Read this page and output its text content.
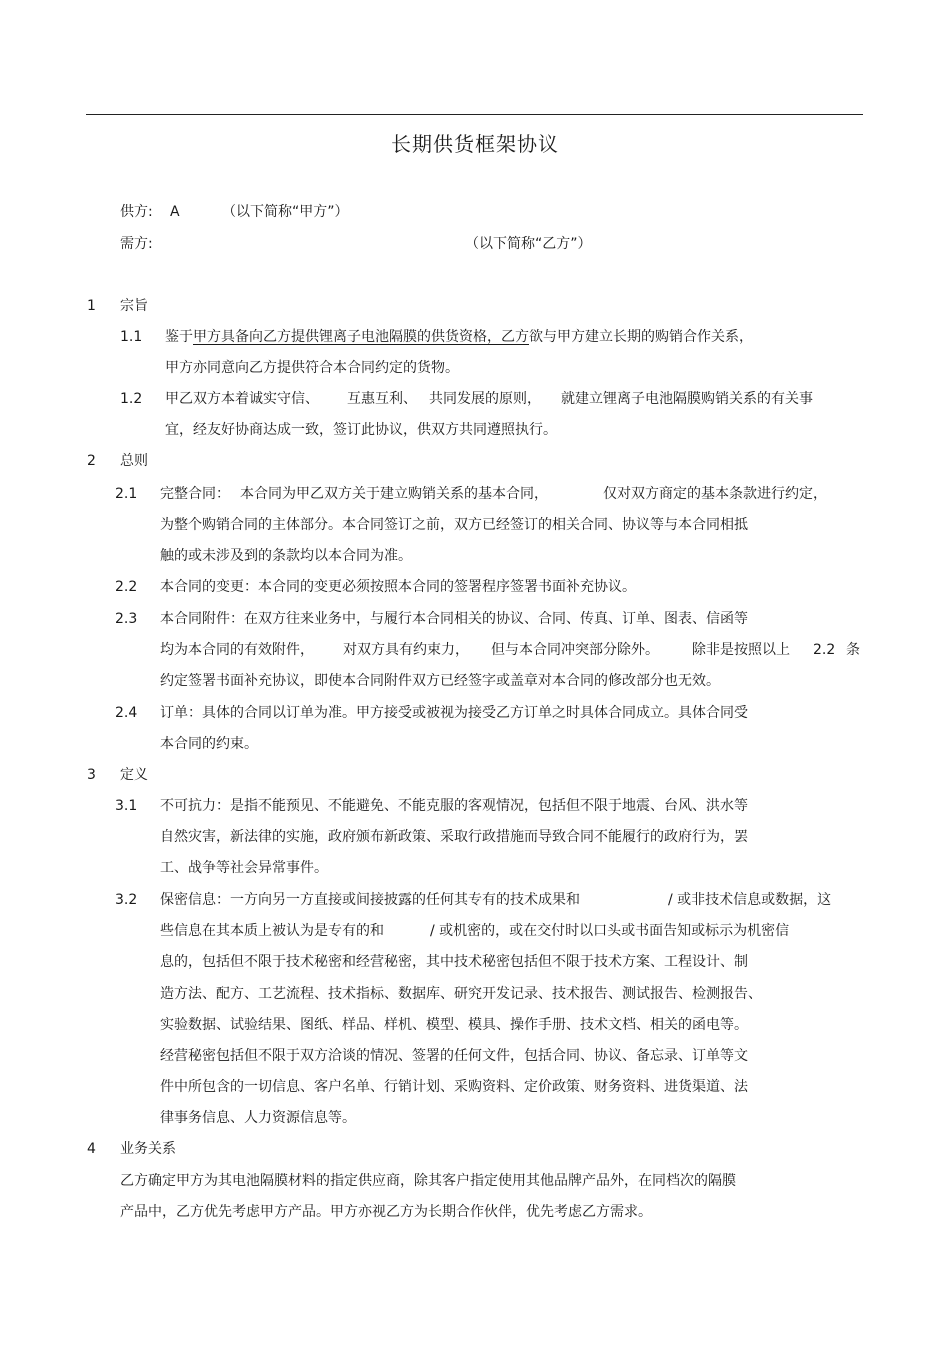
长期供货框架协议
供方: A	（以下简称“甲方”）
需方:	（以下简称“乙方”）
1 宗旨
1.1 鉴于甲方具备向乙方提供锂离子电池隔膜的供货资格，乙方欲与甲方建立长期的购销合作关系，
甲方亦同意向乙方提供符合本合同约定的货物。
1.2 甲乙双方本着诚实守信、 互惠互利、 共同发展的原则， 就建立锂离子电池隔膜购销关系的有关事
宜，经友好协商达成一致，签订此协议，供双方共同遵照执行。
2 总则
2.1 完整合同： 本合同为甲乙双方关于建立购销关系的基本合同，	仅对双方商定的基本条款进行约定，
为整个购销合同的主体部分。本合同签订之前，双方已经签订的相关合同、协议等与本合同相抵
触的或未涉及到的条款均以本合同为准。
2.2 本合同的变更：本合同的变更必须按照本合同的签署程序签署书面补充协议。
2.3 本合同附件：在双方往来业务中，与履行本合同相关的协议、合同、传真、订单、图表、信函等
均为本合同的有效附件， 对双方具有约束力， 但与本合同冲突部分除外。 除非是按照以上 2.2 条
约定签署书面补充协议，即使本合同附件双方已经签字或盖章对本合同的修改部分也无效。
2.4 订单：具体的合同以订单为准。甲方接受或被视为接受乙方订单之时具体合同成立。具体合同受
本合同的约束。
3 定义
3.1 不可抗力：是指不能预见、不能避免、不能克服的客观情况，包括但不限于地震、台风、洪水等
自然灾害，新法律的实施，政府颁布新政策、采取行政措施而导致合同不能履行的政府行为，罢
工、战争等社会异常事件。
3.2 保密信息：一方向另一方直接或间接披露的任何其专有的技术成果和	/ 或非技术信息或数据，这
些信息在其本质上被认为是专有的和	/ 或机密的，或在交付时以口头或书面告知或标示为机密信
息的，包括但不限于技术秘密和经营秘密，其中技术秘密包括但不限于技术方案、工程设计、制
造方法、配方、工艺流程、技术指标、数据库、研究开发记录、技术报告、测试报告、检测报告、
实验数据、试验结果、图纸、样品、样机、模型、模具、操作手册、技术文档、相关的函电等。
经营秘密包括但不限于双方洽谈的情况、签署的任何文件，包括合同、协议、备忘录、订单等文
件中所包含的一切信息、客户名单、行销计划、采购资料、定价政策、财务资料、进货渠道、法
律事务信息、人力资源信息等。
4 业务关系
乙方确定甲方为其电池隔膜材料的指定供应商，除其客户指定使用其他品牌产品外，在同档次的隔膜
产品中，乙方优先考虑甲方产品。甲方亦视乙方为长期合作伙伴，优先考虑乙方需求。
